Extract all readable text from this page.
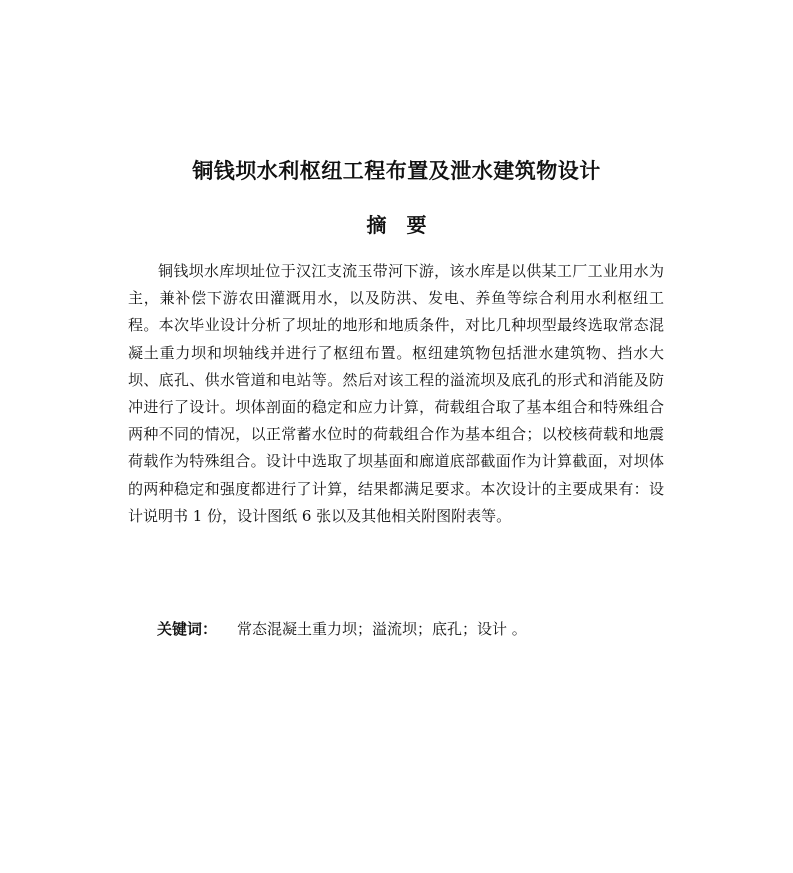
铜钱坝水利枢纽工程布置及泄水建筑物设计
摘　要

铜钱坝水库坝址位于汉江支流玉带河下游，该水库是以供某工厂工业用水为主，兼补偿下游农田灌溉用水，以及防洪、发电、养鱼等综合利用水利枢纽工程。本次毕业设计分析了坝址的地形和地质条件，对比几种坝型最终选取常态混凝土重力坝和坝轴线并进行了枢纽布置。枢纽建筑物包括泄水建筑物、挡水大坝、底孔、供水管道和电站等。然后对该工程的溢流坝及底孔的形式和消能及防冲进行了设计。坝体剖面的稳定和应力计算，荷载组合取了基本组合和特殊组合两种不同的情况，以正常蓄水位时的荷载组合作为基本组合；以校核荷载和地震荷载作为特殊组合。设计中选取了坝基面和廊道底部截面作为计算截面，对坝体的两种稳定和强度都进行了计算，结果都满足要求。本次设计的主要成果有：设计说明书 1 份，设计图纸 6 张以及其他相关附图附表等。

关键词： 常态混凝土重力坝；溢流坝；底孔；设计 。
